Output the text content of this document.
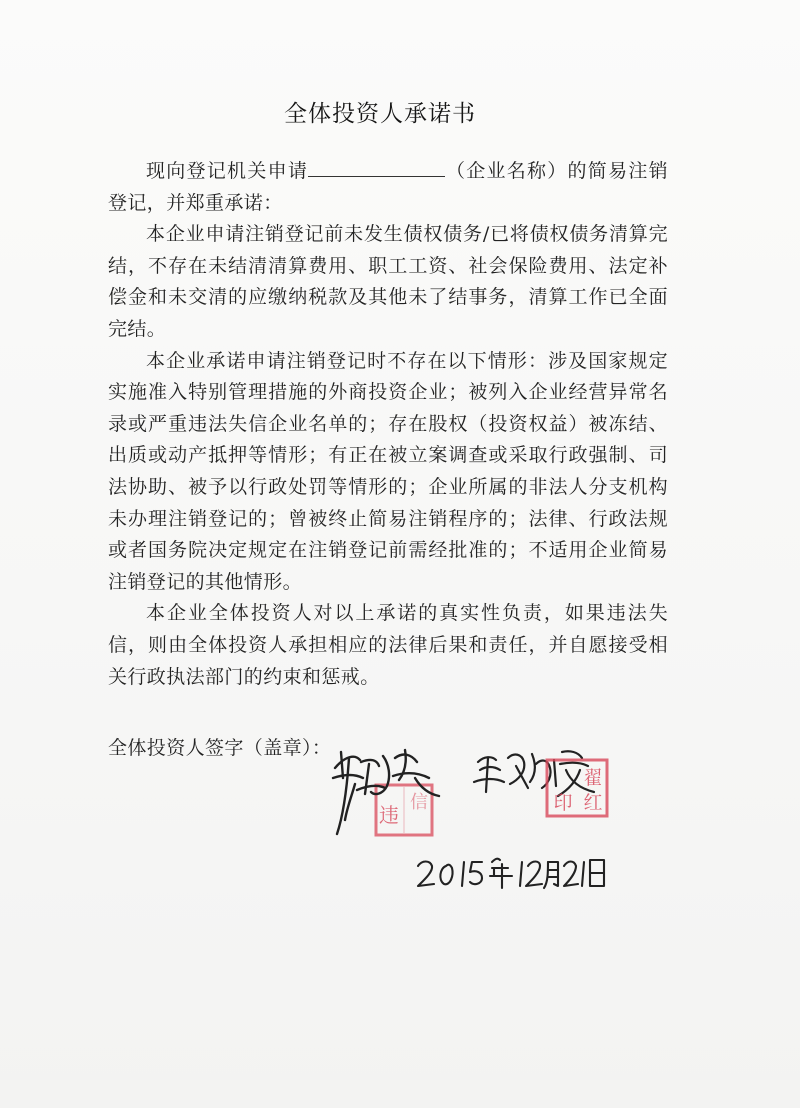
全体投资人承诺书

现向登记机关申请	（企业名称）的简易注销登记，并郑重承诺：

本企业申请注销登记前未发生债权债务/已将债权债务清算完结，不存在未结清清算费用、职工工资、社会保险费用、法定补偿金和未交清的应缴纳税款及其他未了结事务，清算工作已全面完结。

本企业承诺申请注销登记时不存在以下情形：涉及国家规定实施准入特别管理措施的外商投资企业；被列入企业经营异常名录或严重违法失信企业名单的；存在股权（投资权益）被冻结、出质或动产抵押等情形；有正在被立案调查或采取行政强制、司法协助、被予以行政处罚等情形的；企业所属的非法人分支机构未办理注销登记的；曾被终止简易注销程序的；法律、行政法规或者国务院决定规定在注销登记前需经批准的；不适用企业简易注销登记的其他情形。

本企业全体投资人对以上承诺的真实性负责，如果违法失信，则由全体投资人承担相应的法律后果和责任，并自愿接受相关行政执法部门的约束和惩戒。

全体投资人签字（盖章）：
违
信
翟
红
印
